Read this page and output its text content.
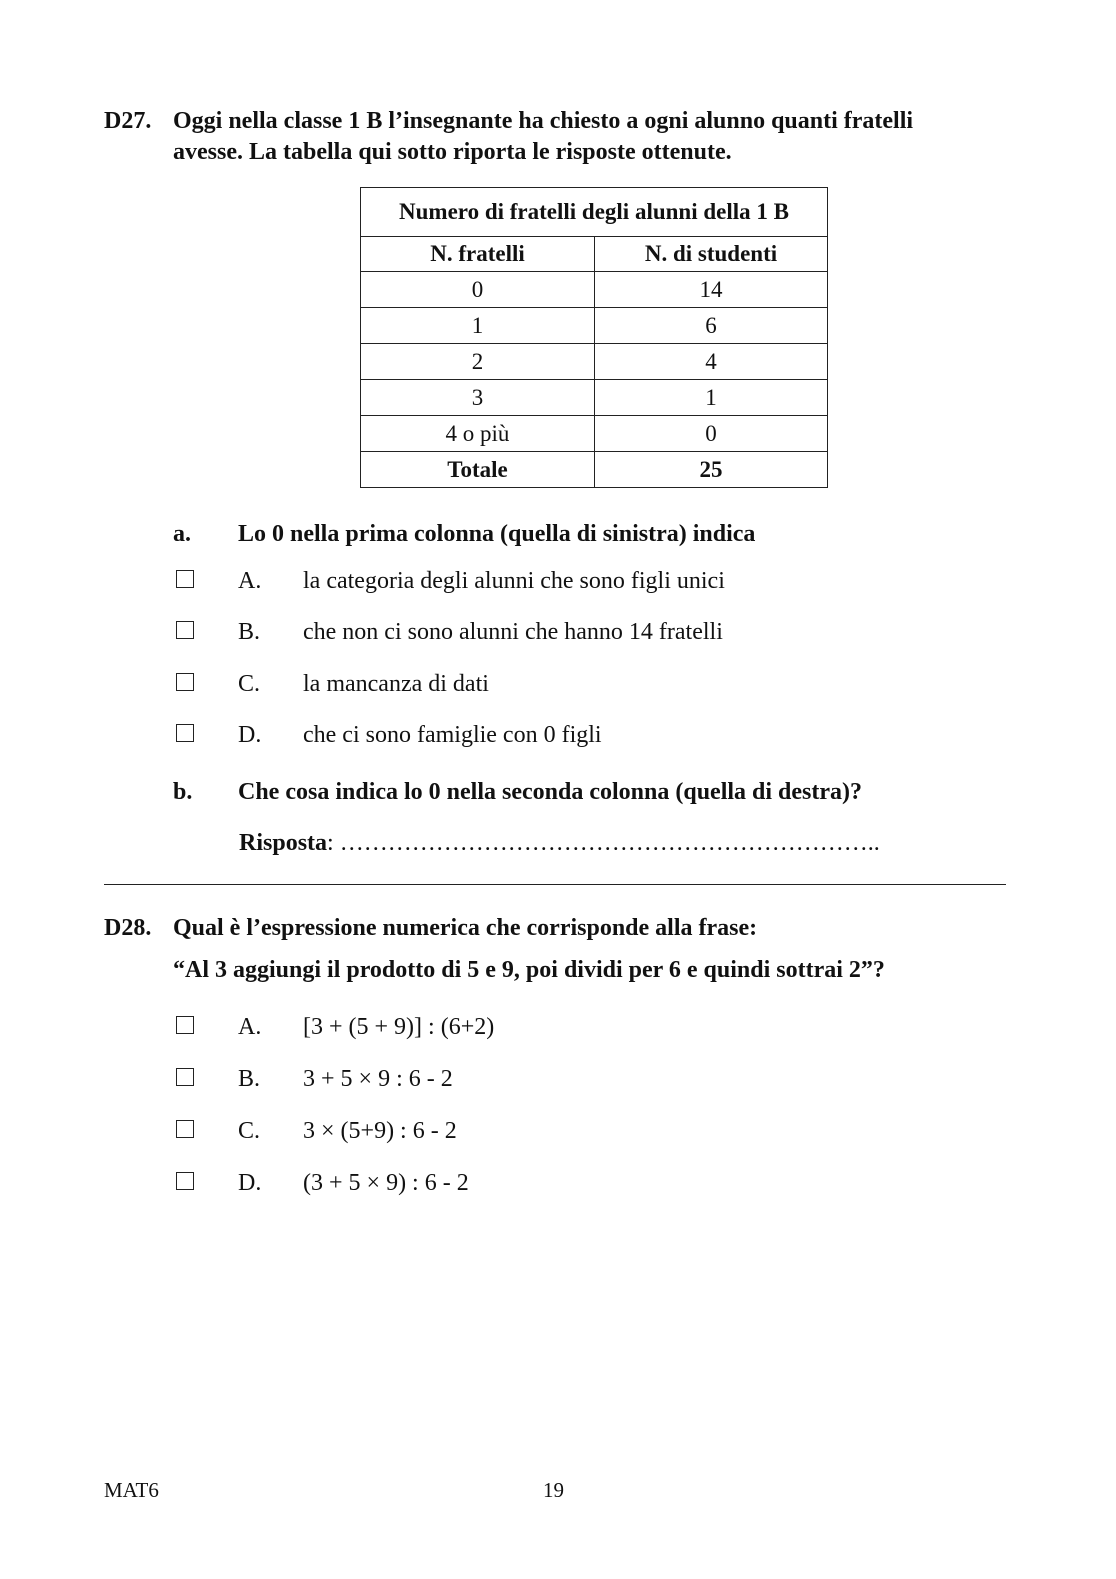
D27. Oggi nella classe 1 B l’insegnante ha chiesto a ogni alunno quanti fratelli
avesse. La tabella qui sotto riporta le risposte ottenute.
Numero di fratelli degli alunni della 1 B	
N. fratelli	N. di studenti
0	14
1	6
2	4
3	1
4 o più	0
Totale	25
a. Lo 0 nella prima colonna (quella di sinistra) indica
A. la categoria degli alunni che sono figli unici
B. che non ci sono alunni che hanno 14 fratelli
C. la mancanza di dati
D. che ci sono famiglie con 0 figli
b. Che cosa indica lo 0 nella seconda colonna (quella di destra)?
Risposta: …………………………………………………………..
D28. Qual è l’espressione numerica che corrisponde alla frase:
“Al 3 aggiungi il prodotto di 5 e 9, poi dividi per 6 e quindi sottrai 2”?
A. [3 + (5 + 9)] : (6+2)
B. 3 + 5 × 9 : 6 - 2
C. 3 × (5+9) : 6 - 2
D. (3 + 5 × 9) : 6 - 2
MAT6	19
